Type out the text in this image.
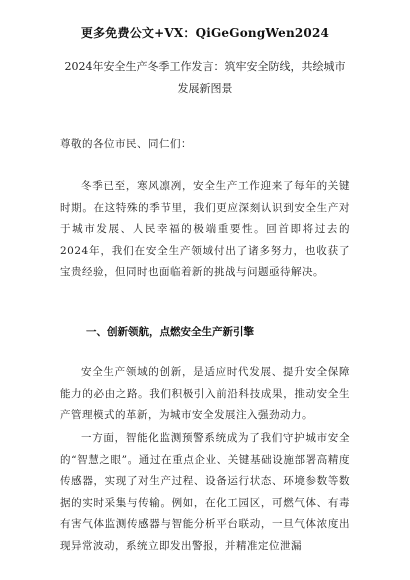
更多免费公文+VX：QiGeGongWen2024
2024年安全生产冬季工作发言：筑牢安全防线，共绘城市发展新图景
尊敬的各位市民、同仁们：
冬季已至，寒风凛冽，安全生产工作迎来了每年的关键时期。在这特殊的季节里，我们更应深刻认识到安全生产对于城市发展、人民幸福的极端重要性。回首即将过去的2024年，我们在安全生产领域付出了诸多努力，也收获了宝贵经验，但同时也面临着新的挑战与问题亟待解决。
一、创新领航，点燃安全生产新引擎
安全生产领域的创新，是适应时代发展、提升安全保障能力的必由之路。我们积极引入前沿科技成果，推动安全生产管理模式的革新，为城市安全发展注入强劲动力。
一方面，智能化监测预警系统成为了我们守护城市安全的“智慧之眼”。通过在重点企业、关键基础设施部署高精度传感器，实现了对生产过程、设备运行状态、环境参数等数据的实时采集与传输。例如，在化工园区，可燃气体、有毒有害气体监测传感器与智能分析平台联动，一旦气体浓度出现异常波动，系统立即发出警报，并精准定位泄漏
